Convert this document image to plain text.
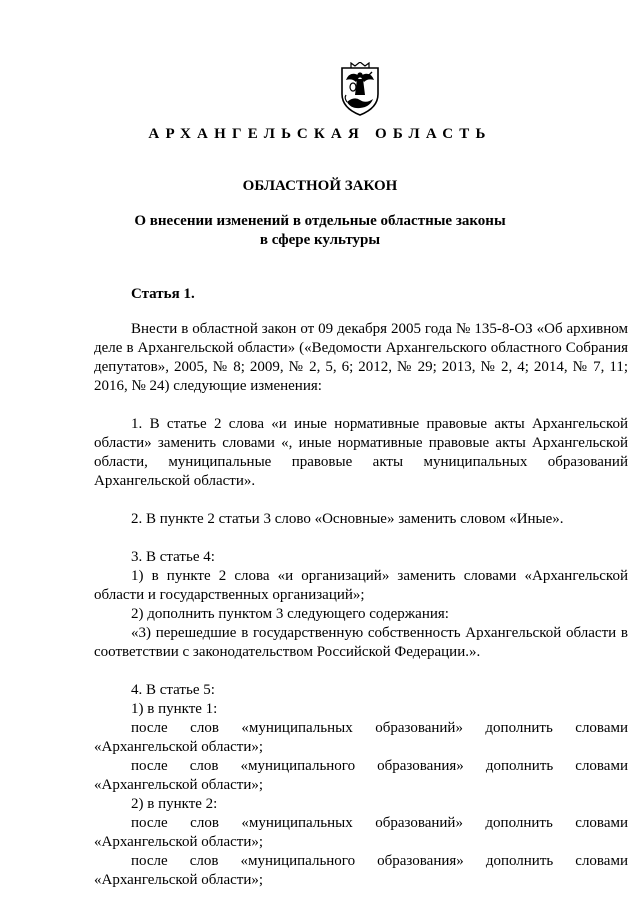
АРХАНГЕЛЬСКАЯ ОБЛАСТЬ
ОБЛАСТНОЙ ЗАКОН
О внесении изменений в отдельные областные законы
в сфере культуры
Статья 1.

Внести в областной закон от 09 декабря 2005 года № 135-8-ОЗ «Об архивном деле в Архангельской области» («Ведомости Архангельского областного Собрания депутатов», 2005, № 8; 2009, № 2, 5, 6; 2012, № 29; 2013, № 2, 4; 2014, № 7, 11; 2016, № 24) следующие изменения:

1. В статье 2 слова «и иные нормативные правовые акты Архангельской области» заменить словами «, иные нормативные правовые акты Архангельской области, муниципальные правовые акты муниципальных образований Архангельской области».

2. В пункте 2 статьи 3 слово «Основные» заменить словом «Иные».

3. В статье 4:

1) в пункте 2 слова «и организаций» заменить словами «Архангельской области и государственных организаций»;

2) дополнить пунктом 3 следующего содержания:

«3) перешедшие в государственную собственность Архангельской области в соответствии с законодательством Российской Федерации.».

4. В статье 5:

1) в пункте 1:

после слов «муниципальных образований» дополнить словами «Архангельской области»;

после слов «муниципального образования» дополнить словами «Архангельской области»;

2) в пункте 2:

после слов «муниципальных образований» дополнить словами «Архангельской области»;

после слов «муниципального образования» дополнить словами «Архангельской области»;
